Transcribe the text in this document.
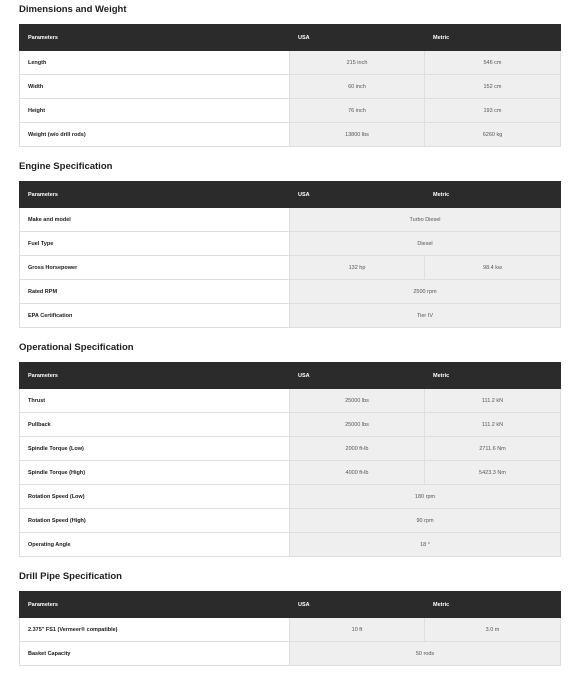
Dimensions and Weight
Parameters	USA	Metric
Length	215 inch	546 cm
Width	60 inch	152 cm
Height	76 inch	193 cm
Weight (w/o drill rods)	13800 lbs	6260 kg
Engine Specification
Parameters	USA	Metric
Make and model	Turbo Diesel	
Fuel Type	Diesel	
Gross Horsepower	132 hp	98.4 kw
Rated RPM	2500 rpm	
EPA Certification	Tier IV	
Operational Specification
Parameters	USA	Metric
Thrust	25000 lbs	111.2 kN
Pullback	25000 lbs	111.2 kN
Spindle Torque (Low)	2000 ft-lb	2711.6 Nm
Spindle Torque (High)	4000 ft-lb	5423.3 Nm
Rotation Speed (Low)	180 rpm	
Rotation Speed (High)	90 rpm	
Operating Angle	18 °	
Drill Pipe Specification
Parameters	USA	Metric
2.375" FS1 (Vermeer® compatible)	10 ft	3.0 m
Basket Capacity	50 rods	
